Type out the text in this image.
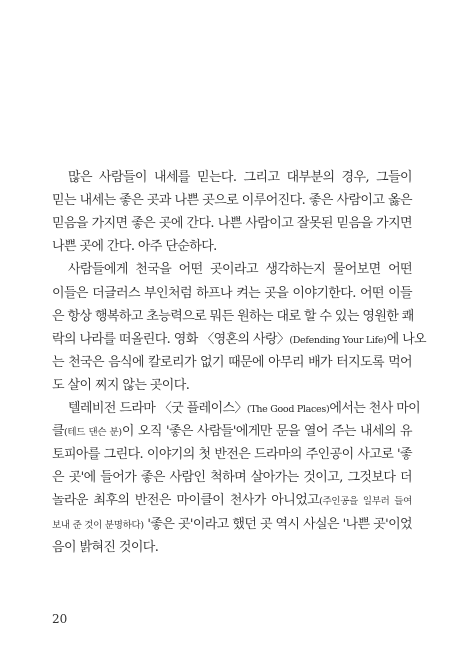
많은 사람들이 내세를 믿는다. 그리고 대부분의 경우, 그들이
믿는 내세는 좋은 곳과 나쁜 곳으로 이루어진다. 좋은 사람이고 옳은
믿음을 가지면 좋은 곳에 간다. 나쁜 사람이고 잘못된 믿음을 가지면
나쁜 곳에 간다. 아주 단순하다.
사람들에게 천국을 어떤 곳이라고 생각하는지 물어보면 어떤
이들은 더글러스 부인처럼 하프나 켜는 곳을 이야기한다. 어떤 이들
은 항상 행복하고 초능력으로 뭐든 원하는 대로 할 수 있는 영원한 쾌
락의 나라를 떠올린다. 영화 〈영혼의 사랑〉(Defending Your Life)에 나오
는 천국은 음식에 칼로리가 없기 때문에 아무리 배가 터지도록 먹어
도 살이 찌지 않는 곳이다.
텔레비전 드라마 〈굿 플레이스〉(The Good Places)에서는 천사 마이
클(테드 댄슨 분)이 오직 '좋은 사람들'에게만 문을 열어 주는 내세의 유
토피아를 그린다. 이야기의 첫 반전은 드라마의 주인공이 사고로 '좋
은 곳'에 들어가 좋은 사람인 척하며 살아가는 것이고, 그것보다 더
놀라운 최후의 반전은 마이클이 천사가 아니었고(주인공을 일부러 들여
보내 준 것이 분명하다) '좋은 곳'이라고 했던 곳 역시 사실은 '나쁜 곳'이었
음이 밝혀진 것이다.
20
